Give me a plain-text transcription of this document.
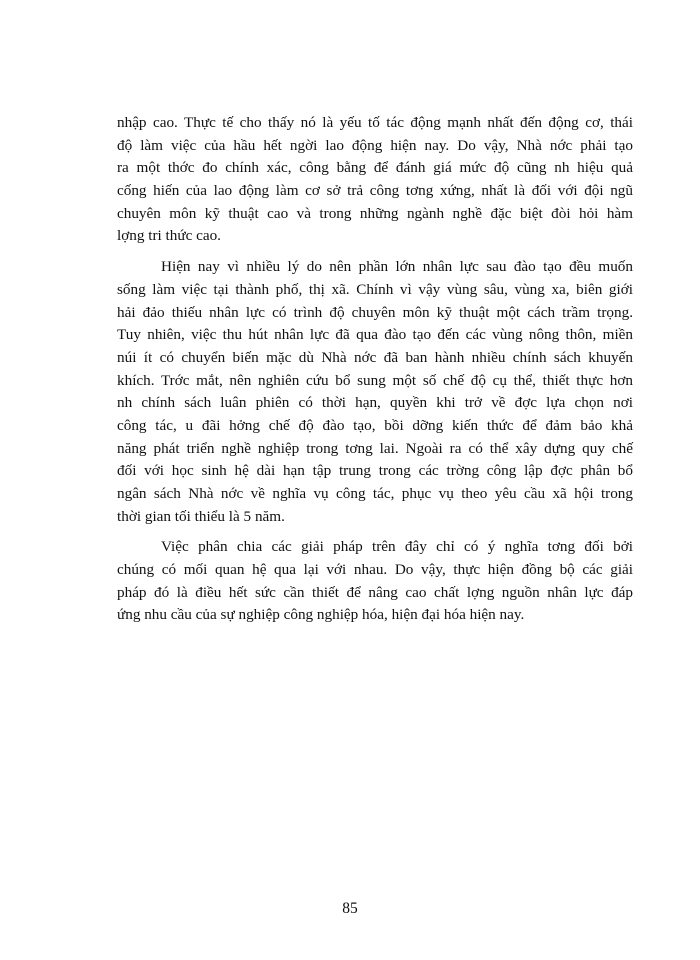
nhập cao. Thực tế cho thấy nó là yếu tố tác động mạnh nhất đến động cơ, thái
độ làm việc của hầu hết ngời lao động hiện nay. Do vậy, Nhà nớc phải tạo
ra một thớc đo chính xác, công bằng để đánh giá mức độ cũng nh hiệu quả
cống hiến của lao động làm cơ sở trả công tơng xứng, nhất là đối với đội ngũ
chuyên môn kỹ thuật cao và trong những ngành nghề đặc biệt đòi hỏi hàm
lợng tri thức cao.

Hiện nay vì nhiều lý do nên phần lớn nhân lực sau đào tạo đều muốn
sống làm việc tại thành phố, thị xã. Chính vì vậy vùng sâu, vùng xa, biên giới
hải đảo thiếu nhân lực có trình độ chuyên môn kỹ thuật một cách trầm trọng.
Tuy nhiên, việc thu hút nhân lực đã qua đào tạo đến các vùng nông thôn, miền
núi ít có chuyển biến mặc dù Nhà nớc đã ban hành nhiều chính sách khuyến
khích. Trớc mắt, nên nghiên cứu bổ sung một số chế độ cụ thể, thiết thực hơn
nh chính sách luân phiên có thời hạn, quyền khi trở về đợc lựa chọn nơi
công tác, u đãi hởng chế độ đào tạo, bồi dỡng kiến thức để đảm bảo khả
năng phát triển nghề nghiệp trong tơng lai. Ngoài ra có thể xây dựng quy chế
đối với học sinh hệ dài hạn tập trung trong các trờng công lập đợc phân bổ
ngân sách Nhà nớc về nghĩa vụ công tác, phục vụ theo yêu cầu xã hội trong
thời gian tối thiểu là 5 năm.

Việc phân chia các giải pháp trên đây chỉ có ý nghĩa tơng đối bởi
chúng có mối quan hệ qua lại với nhau. Do vậy, thực hiện đồng bộ các giải
pháp đó là điều hết sức cần thiết để nâng cao chất lợng nguồn nhân lực đáp
ứng nhu cầu của sự nghiệp công nghiệp hóa, hiện đại hóa hiện nay.

85
